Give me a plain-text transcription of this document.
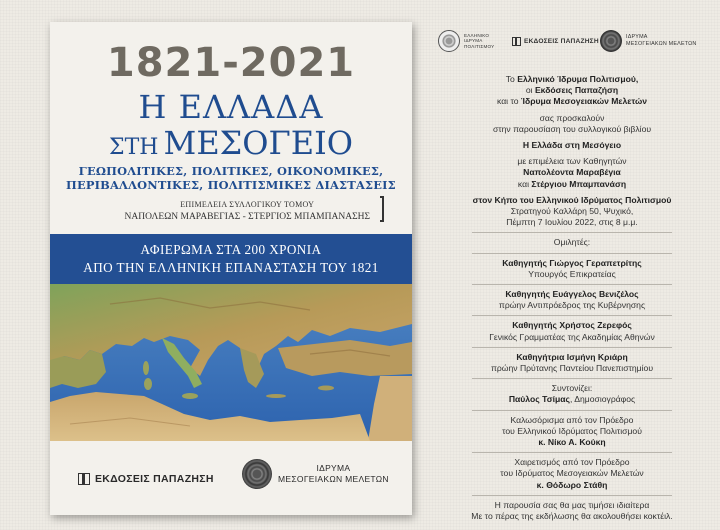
1821-2021
Η ΕΛΛΑΔΑ
ΣΤΗ ΜΕΣΟΓΕΙΟ
ΓΕΩΠΟΛΙΤΙΚΕΣ, ΠΟΛΙΤΙΚΕΣ, ΟΙΚΟΝΟΜΙΚΕΣ,
ΠΕΡΙΒΑΛΛΟΝΤΙΚΕΣ, ΠΟΛΙΤΙΣΜΙΚΕΣ ΔΙΑΣΤΑΣΕΙΣ
ΕΠΙΜΕΛΕΙΑ ΣΥΛΛΟΓΙΚΟΥ ΤΟΜΟΥ
ΝΑΠΟΛΕΩΝ ΜΑΡΑΒΕΓΙΑΣ - ΣΤΕΡΓΙΟΣ ΜΠΑΜΠΑΝΑΣΗΣ
ΑΦΙΕΡΩΜΑ ΣΤΑ 200 ΧΡΟΝΙΑ
ΑΠΟ ΤΗΝ ΕΛΛΗΝΙΚΗ ΕΠΑΝΑΣΤΑΣΗ ΤΟΥ 1821
ΕΚΔΟΣΕΙΣ ΠΑΠΑΖΗΣΗ
ΙΔΡΥΜΑ
ΜΕΣΟΓΕΙΑΚΩΝ ΜΕΛΕΤΩΝ
ΕΛΛΗΝΙΚΟ
ΙΔΡΥΜΑ
ΠΟΛΙΤΙΣΜΟΥ
ΕΚΔΟΣΕΙΣ ΠΑΠΑΖΗΣΗ
ΙΔΡΥΜΑ
ΜΕΣΟΓΕΙΑΚΩΝ ΜΕΛΕΤΩΝ
Το Ελληνικό Ίδρυμα Πολιτισμού,
οι Εκδόσεις Παπαζήση
και το Ίδρυμα Μεσογειακών Μελετών
σας προσκαλούν
στην παρουσίαση του συλλογικού βιβλίου
Η Ελλάδα στη Μεσόγειο
με επιμέλεια των Καθηγητών
Ναπολέοντα Μαραβέγια
και Στέργιου Μπαμπανάση
στον Κήπο του Ελληνικού Ιδρύματος Πολιτισμού
Στρατηγού Καλλάρη 50, Ψυχικό,
Πέμπτη 7 Ιουλίου 2022, στις 8 μ.μ.
Ομιλητές:
Καθηγητής Γιώργος Γεραπετρίτης
Υπουργός Επικρατείας
Καθηγητής Ευάγγελος Βενιζέλος
πρώην Αντιπρόεδρος της Κυβέρνησης
Καθηγητής Χρήστος Ζερεφός
Γενικός Γραμματέας της Ακαδημίας Αθηνών
Καθηγήτρια Ισμήνη Κριάρη
πρώην Πρύτανης Παντείου Πανεπιστημίου
Συντονίζει:
Παύλος Τσίμας, Δημοσιογράφος
Καλωσόρισμα από τον Πρόεδρο
του Ελληνικού Ιδρύματος Πολιτισμού
κ. Νίκο Α. Κούκη
Χαιρετισμός από τον Πρόεδρο
του Ιδρύματος Μεσογειακών Μελετών
κ. Θόδωρο Στάθη
Η παρουσία σας θα μας τιμήσει ιδιαίτερα
Με το πέρας της εκδήλωσης θα ακολουθήσει κοκτέιλ.
